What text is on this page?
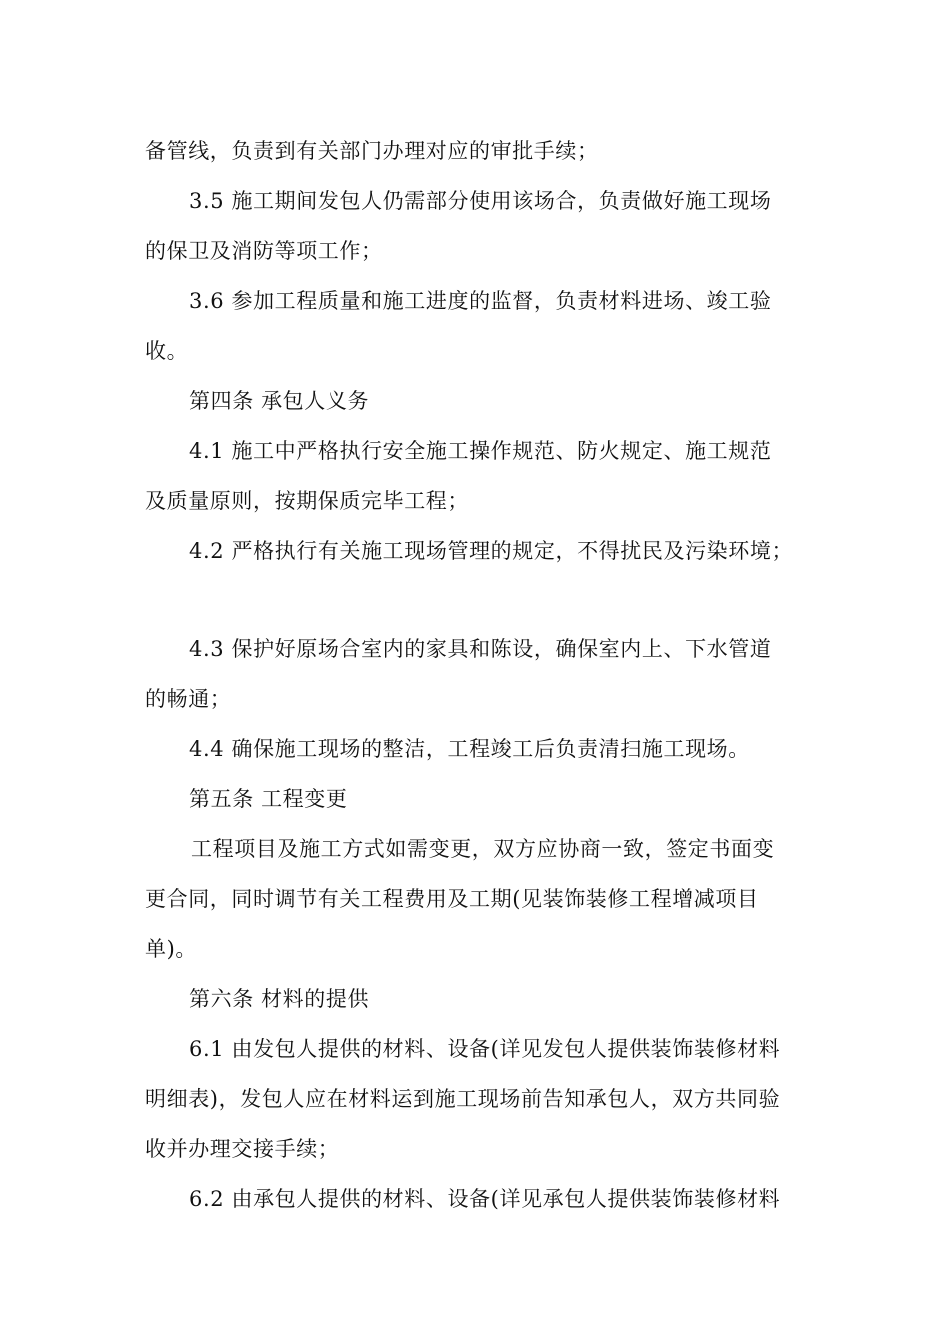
备管线，负责到有关部门办理对应的审批手续；
3.5 施工期间发包人仍需部分使用该场合，负责做好施工现场
的保卫及消防等项工作；
3.6 参加工程质量和施工进度的监督，负责材料进场、竣工验
收。
第四条 承包人义务
4.1 施工中严格执行安全施工操作规范、防火规定、施工规范
及质量原则，按期保质完毕工程；
4.2 严格执行有关施工现场管理的规定，不得扰民及污染环境；
4.3 保护好原场合室内的家具和陈设，确保室内上、下水管道
的畅通；
4.4 确保施工现场的整洁，工程竣工后负责清扫施工现场。
第五条 工程变更
工程项目及施工方式如需变更，双方应协商一致，签定书面变
更合同，同时调节有关工程费用及工期(见装饰装修工程增减项目
单)。
第六条 材料的提供
6.1 由发包人提供的材料、设备(详见发包人提供装饰装修材料
明细表)，发包人应在材料运到施工现场前告知承包人，双方共同验
收并办理交接手续；
6.2 由承包人提供的材料、设备(详见承包人提供装饰装修材料
